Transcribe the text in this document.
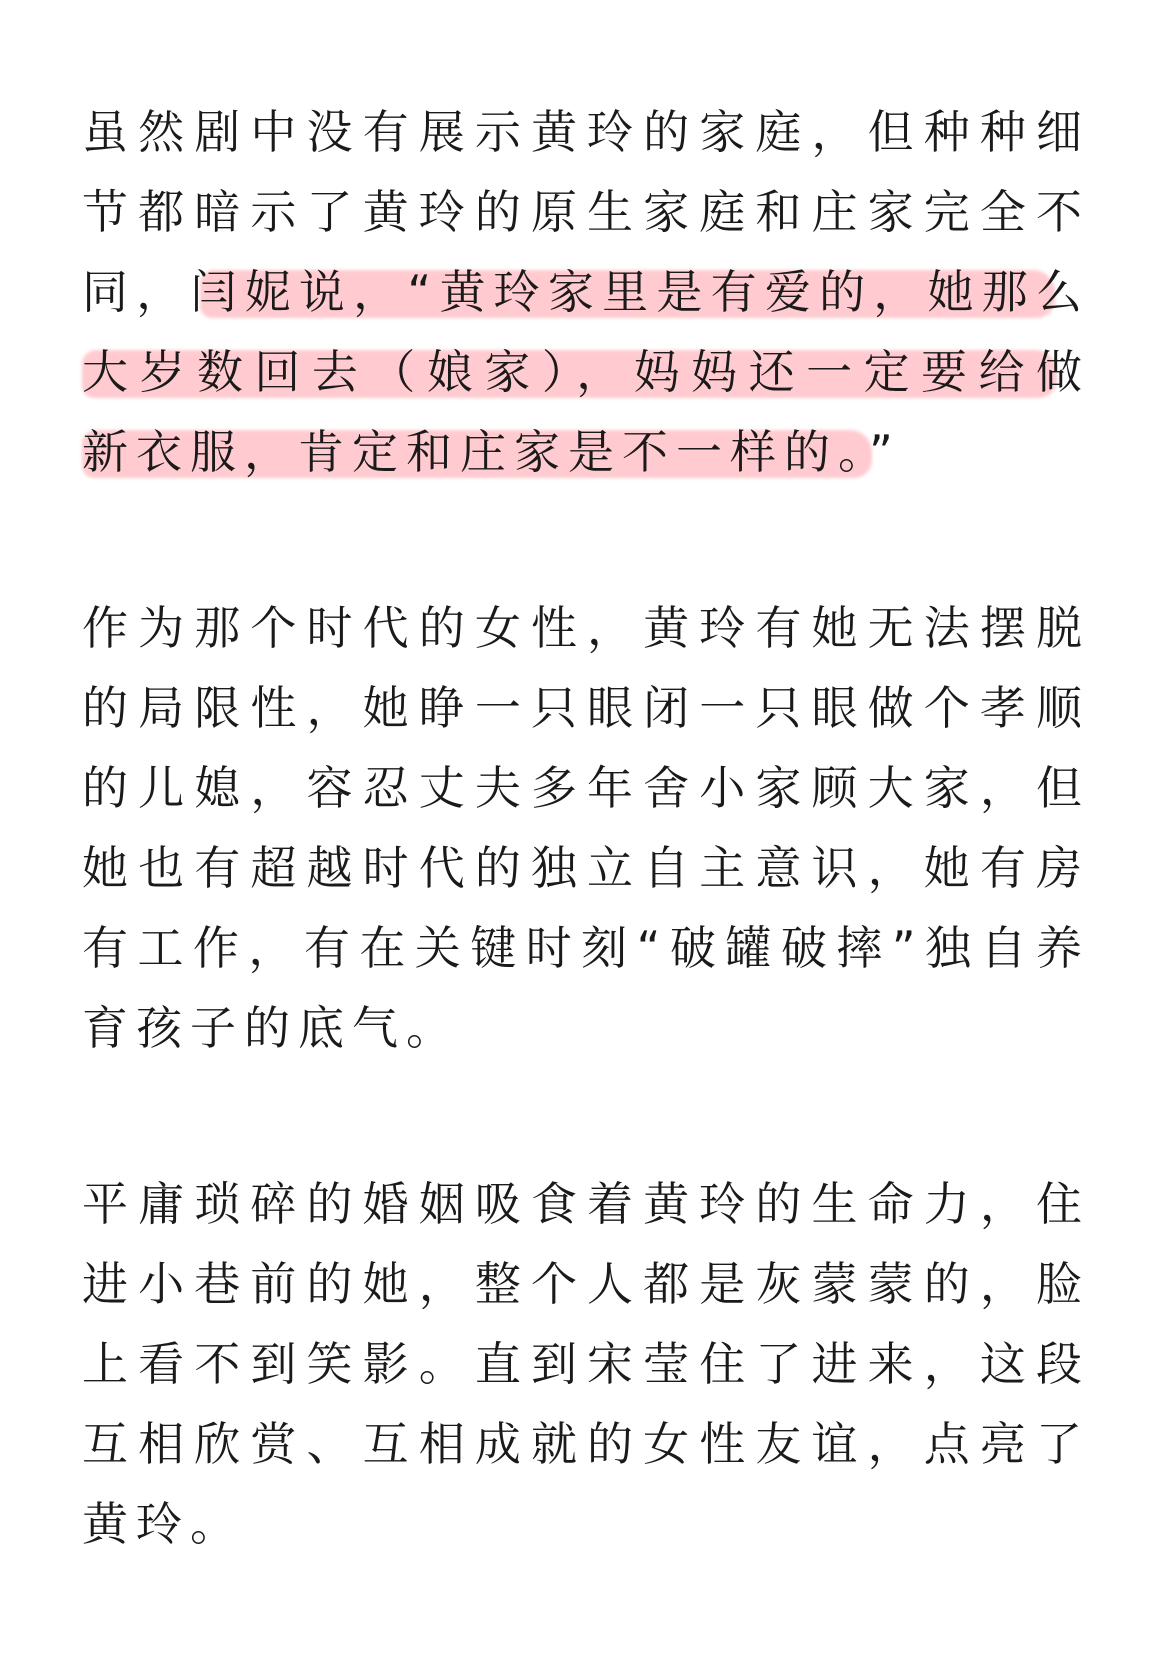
虽然剧中没有展示黄玲的家庭，但种种细
节都暗示了黄玲的原生家庭和庄家完全不
同，闫妮说，“黄玲家里是有爱的，她那么
大岁数回去（娘家），妈妈还一定要给做
新衣服，肯定和庄家是不一样的。”
作为那个时代的女性，黄玲有她无法摆脱
的局限性，她睁一只眼闭一只眼做个孝顺
的儿媳，容忍丈夫多年舍小家顾大家，但
她也有超越时代的独立自主意识，她有房
有工作，有在关键时刻“破罐破摔”独自养
育孩子的底气。
平庸琐碎的婚姻吸食着黄玲的生命力，住
进小巷前的她，整个人都是灰蒙蒙的，脸
上看不到笑影。直到宋莹住了进来，这段
互相欣赏、互相成就的女性友谊，点亮了
黄玲。
